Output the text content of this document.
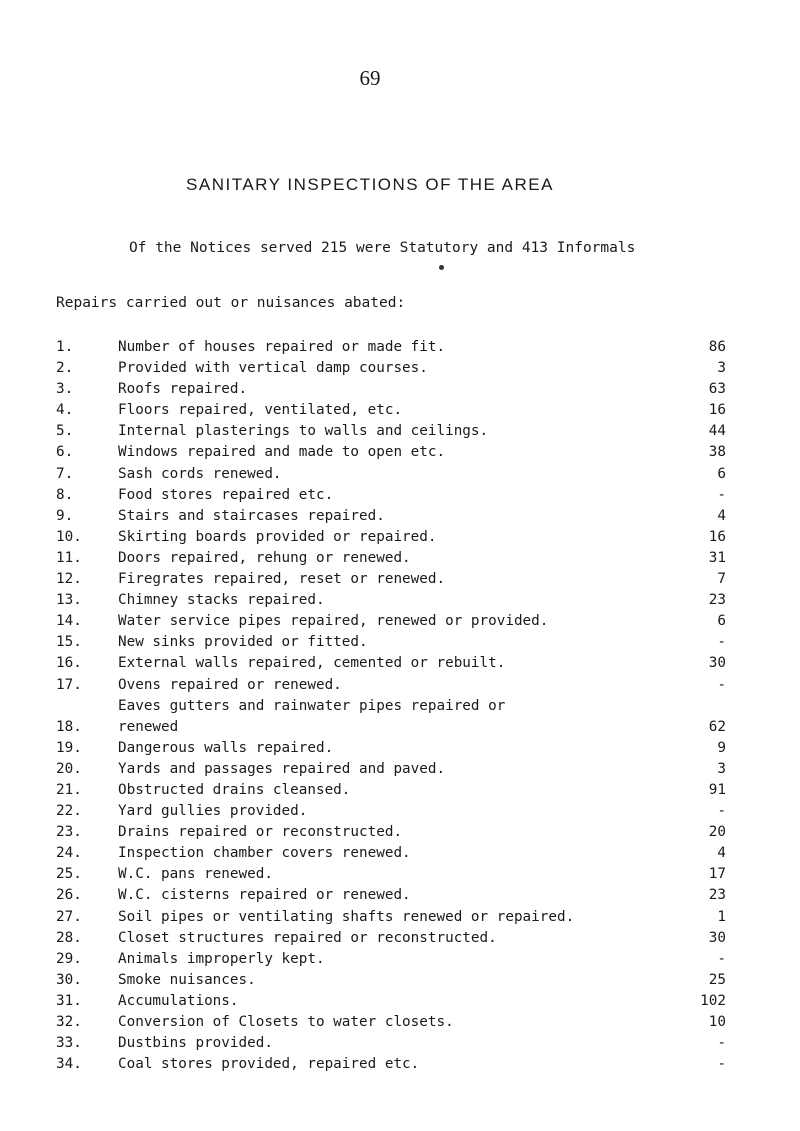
69
SANITARY INSPECTIONS OF THE AREA
Of the Notices served 215 were Statutory and 413 Informals
Repairs carried out or nuisances abated:
1.	Number of houses repaired or made fit.	86
2.	Provided with vertical damp courses.	3
3.	Roofs repaired.	63
4.	Floors repaired, ventilated, etc.	16
5.	Internal plasterings to walls and ceilings.	44
6.	Windows repaired and made to open etc.	38
7.	Sash cords renewed.	6
8.	Food stores repaired etc.	-
9.	Stairs and staircases repaired.	4
10.	Skirting boards provided or repaired.	16
11.	Doors repaired, rehung or renewed.	31
12.	Firegrates repaired, reset or renewed.	7
13.	Chimney stacks repaired.	23
14.	Water service pipes repaired, renewed or provided.	6
15.	New sinks provided or fitted.	-
16.	External walls repaired, cemented or rebuilt.	30
17.	Ovens repaired or renewed.	-
18.
Eaves gutters and rainwater pipes repaired or
renewed	62
19.	Dangerous walls repaired.	9
20.	Yards and passages repaired and paved.	3
21.	Obstructed drains cleansed.	91
22.	Yard gullies provided.	-
23.	Drains repaired or reconstructed.	20
24.	Inspection chamber covers renewed.	4
25.	W.C. pans renewed.	17
26.	W.C. cisterns repaired or renewed.	23
27.	Soil pipes or ventilating shafts renewed or repaired.	1
28.	Closet structures repaired or reconstructed.	30
29.	Animals improperly kept.	-
30.	Smoke nuisances.	25
31.	Accumulations.	102
32.	Conversion of Closets to water closets.	10
33.	Dustbins provided.	-
34.	Coal stores provided, repaired etc.	-
